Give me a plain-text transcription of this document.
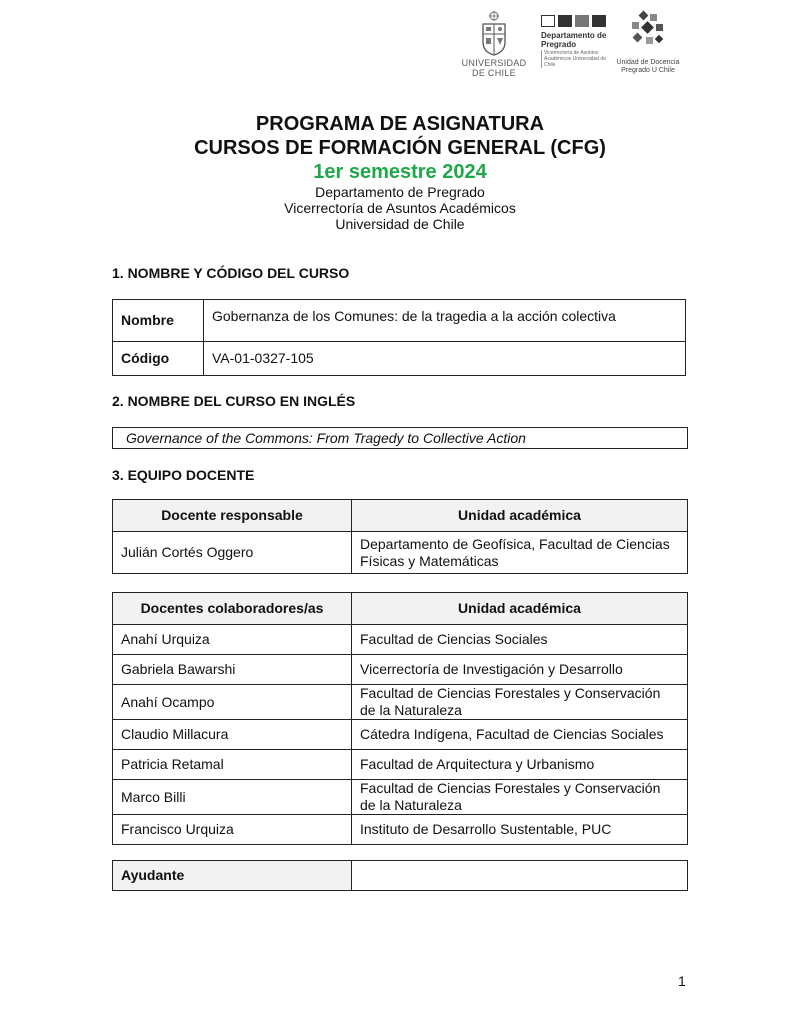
UNIVERSIDAD DE CHILE
Departamento de Pregrado
Vicerrectoría de Asuntos Académicos Universidad de Chile	Unidad de Docencia Pregrado U Chile
PROGRAMA DE ASIGNATURA
CURSOS DE FORMACIÓN GENERAL (CFG)
1er semestre 2024
Departamento de Pregrado
Vicerrectoría de Asuntos Académicos
Universidad de Chile
1. NOMBRE Y CÓDIGO DEL CURSO
Nombre	Gobernanza de los Comunes: de la tragedia a la acción colectiva
Código	VA-01-0327-105
2. NOMBRE DEL CURSO EN INGLÉS
Governance of the Commons: From Tragedy to Collective Action
3. EQUIPO DOCENTE
Docente responsable	Unidad académica
Julián Cortés Oggero	Departamento de Geofísica, Facultad de Ciencias Físicas y Matemáticas
Docentes colaboradores/as	Unidad académica
Anahí Urquiza	Facultad de Ciencias Sociales
Gabriela Bawarshi	Vicerrectoría de Investigación y Desarrollo
Anahí Ocampo	Facultad de Ciencias Forestales y Conservación de la Naturaleza
Claudio Millacura	Cátedra Indígena, Facultad de Ciencias Sociales
Patricia Retamal	Facultad de Arquitectura y Urbanismo
Marco Billi	Facultad de Ciencias Forestales y Conservación de la Naturaleza
Francisco Urquiza	Instituto de Desarrollo Sustentable, PUC
Ayudante	
1
